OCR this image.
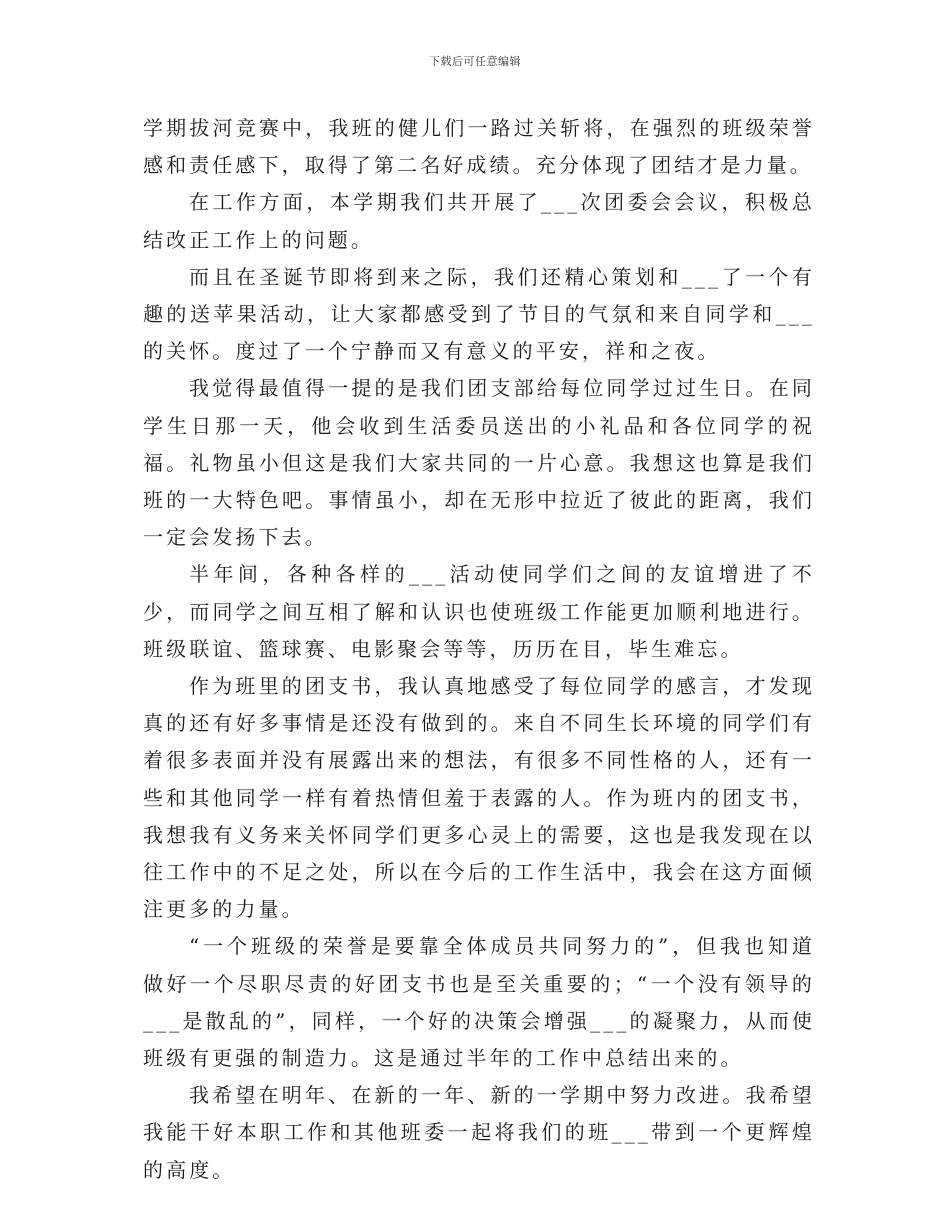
下载后可任意编辑

学期拔河竞赛中，我班的健儿们一路过关斩将，在强烈的班级荣誉感和责任感下，取得了第二名好成绩。充分体现了团结才是力量。

在工作方面，本学期我们共开展了___次团委会会议，积极总结改正工作上的问题。

而且在圣诞节即将到来之际，我们还精心策划和___了一个有趣的送苹果活动，让大家都感受到了节日的气氛和来自同学和___的关怀。度过了一个宁静而又有意义的平安，祥和之夜。

我觉得最值得一提的是我们团支部给每位同学过过生日。在同学生日那一天，他会收到生活委员送出的小礼品和各位同学的祝福。礼物虽小但这是我们大家共同的一片心意。我想这也算是我们班的一大特色吧。事情虽小，却在无形中拉近了彼此的距离，我们一定会发扬下去。

半年间，各种各样的___活动使同学们之间的友谊增进了不少，而同学之间互相了解和认识也使班级工作能更加顺利地进行。班级联谊、篮球赛、电影聚会等等，历历在目，毕生难忘。

作为班里的团支书，我认真地感受了每位同学的感言，才发现真的还有好多事情是还没有做到的。来自不同生长环境的同学们有着很多表面并没有展露出来的想法，有很多不同性格的人，还有一些和其他同学一样有着热情但羞于表露的人。作为班内的团支书，我想我有义务来关怀同学们更多心灵上的需要，这也是我发现在以往工作中的不足之处，所以在今后的工作生活中，我会在这方面倾注更多的力量。

“一个班级的荣誉是要靠全体成员共同努力的”，但我也知道做好一个尽职尽责的好团支书也是至关重要的；“一个没有领导的___是散乱的”，同样，一个好的决策会增强___的凝聚力，从而使班级有更强的制造力。这是通过半年的工作中总结出来的。

我希望在明年、在新的一年、新的一学期中努力改进。我希望我能干好本职工作和其他班委一起将我们的班___带到一个更辉煌的高度。
